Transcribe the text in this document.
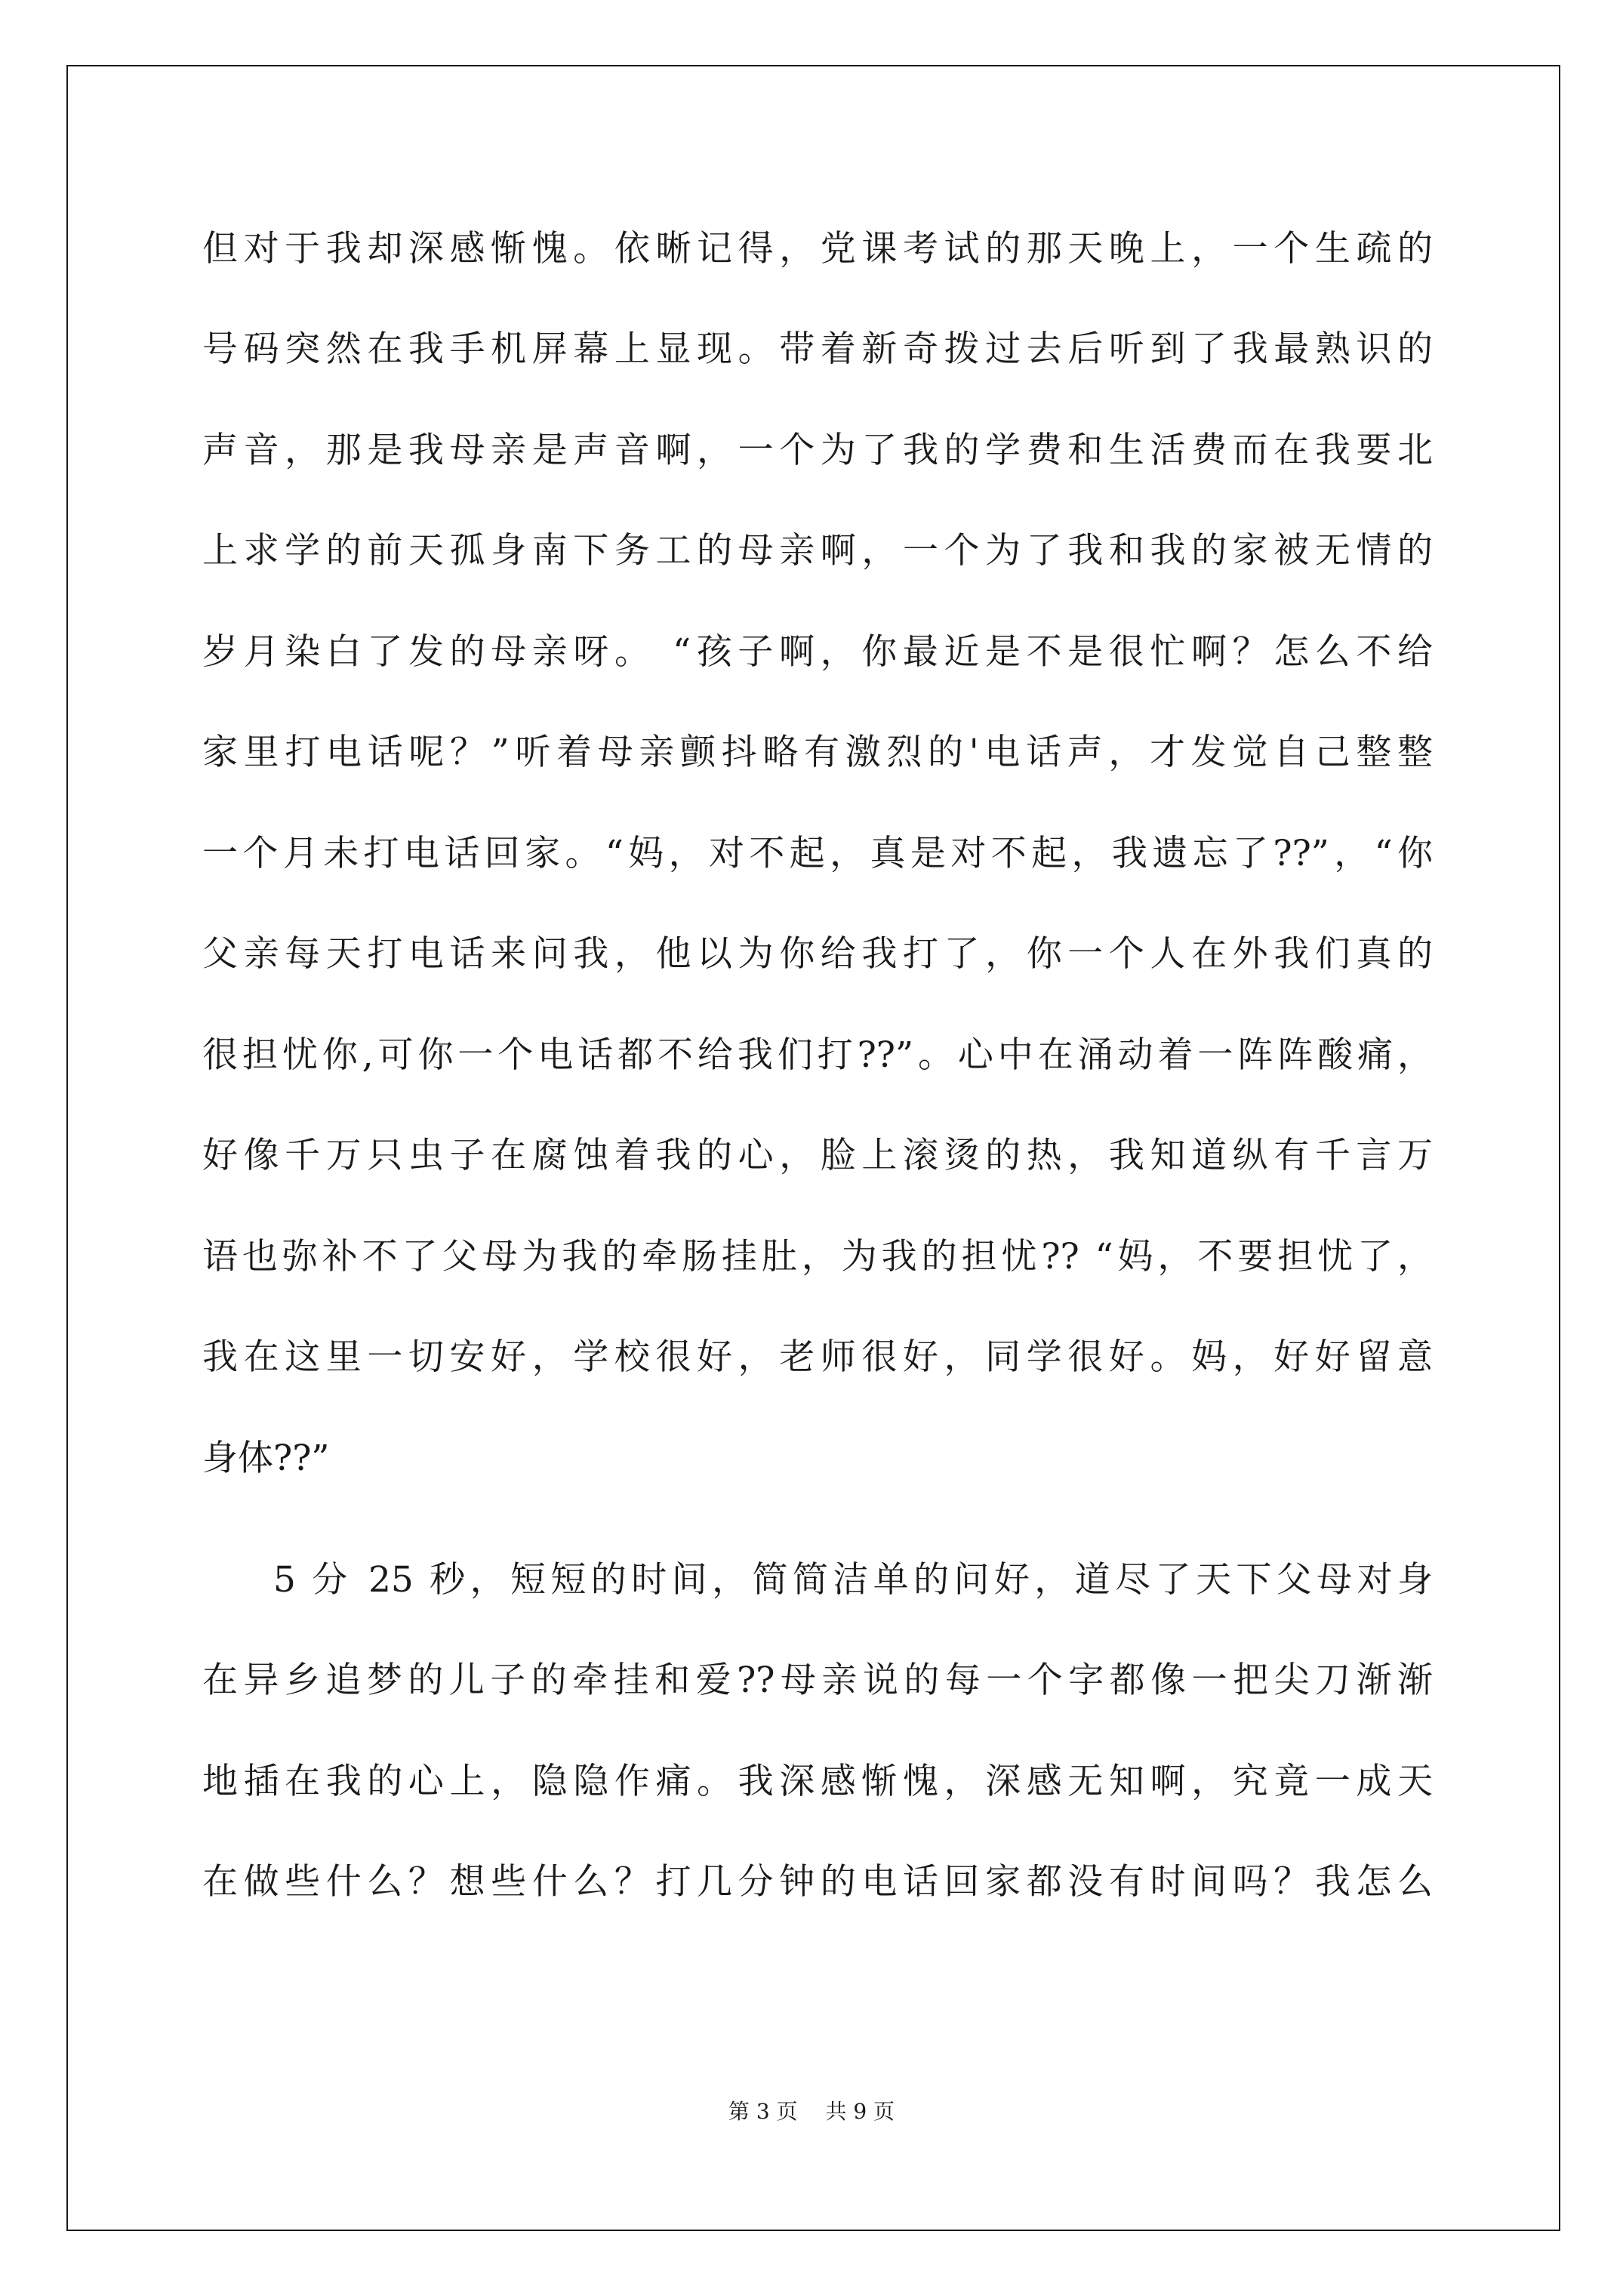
但对于我却深感惭愧。依晰记得，党课考试的那天晚上，一个生疏的
号码突然在我手机屏幕上显现。带着新奇拨过去后听到了我最熟识的
声音，那是我母亲是声音啊，一个为了我的学费和生活费而在我要北
上求学的前天孤身南下务工的母亲啊，一个为了我和我的家被无情的
岁月染白了发的母亲呀。 “孩子啊，你最近是不是很忙啊？怎么不给
家里打电话呢？”听着母亲颤抖略有激烈的'电话声，才发觉自己整整
一个月未打电话回家。“妈，对不起，真是对不起，我遗忘了??”，“你
父亲每天打电话来问我，他以为你给我打了，你一个人在外我们真的
很担忧你,可你一个电话都不给我们打??”。心中在涌动着一阵阵酸痛，
好像千万只虫子在腐蚀着我的心，脸上滚烫的热，我知道纵有千言万
语也弥补不了父母为我的牵肠挂肚，为我的担忧?? “妈，不要担忧了，
我在这里一切安好，学校很好，老师很好，同学很好。妈，好好留意
身体??”
5 分 25 秒，短短的时间，简简洁单的问好，道尽了天下父母对身
在异乡追梦的儿子的牵挂和爱??母亲说的每一个字都像一把尖刀渐渐
地插在我的心上，隐隐作痛。我深感惭愧，深感无知啊，究竟一成天
在做些什么？想些什么？打几分钟的电话回家都没有时间吗？我怎么
第 3 页　 共 9 页
